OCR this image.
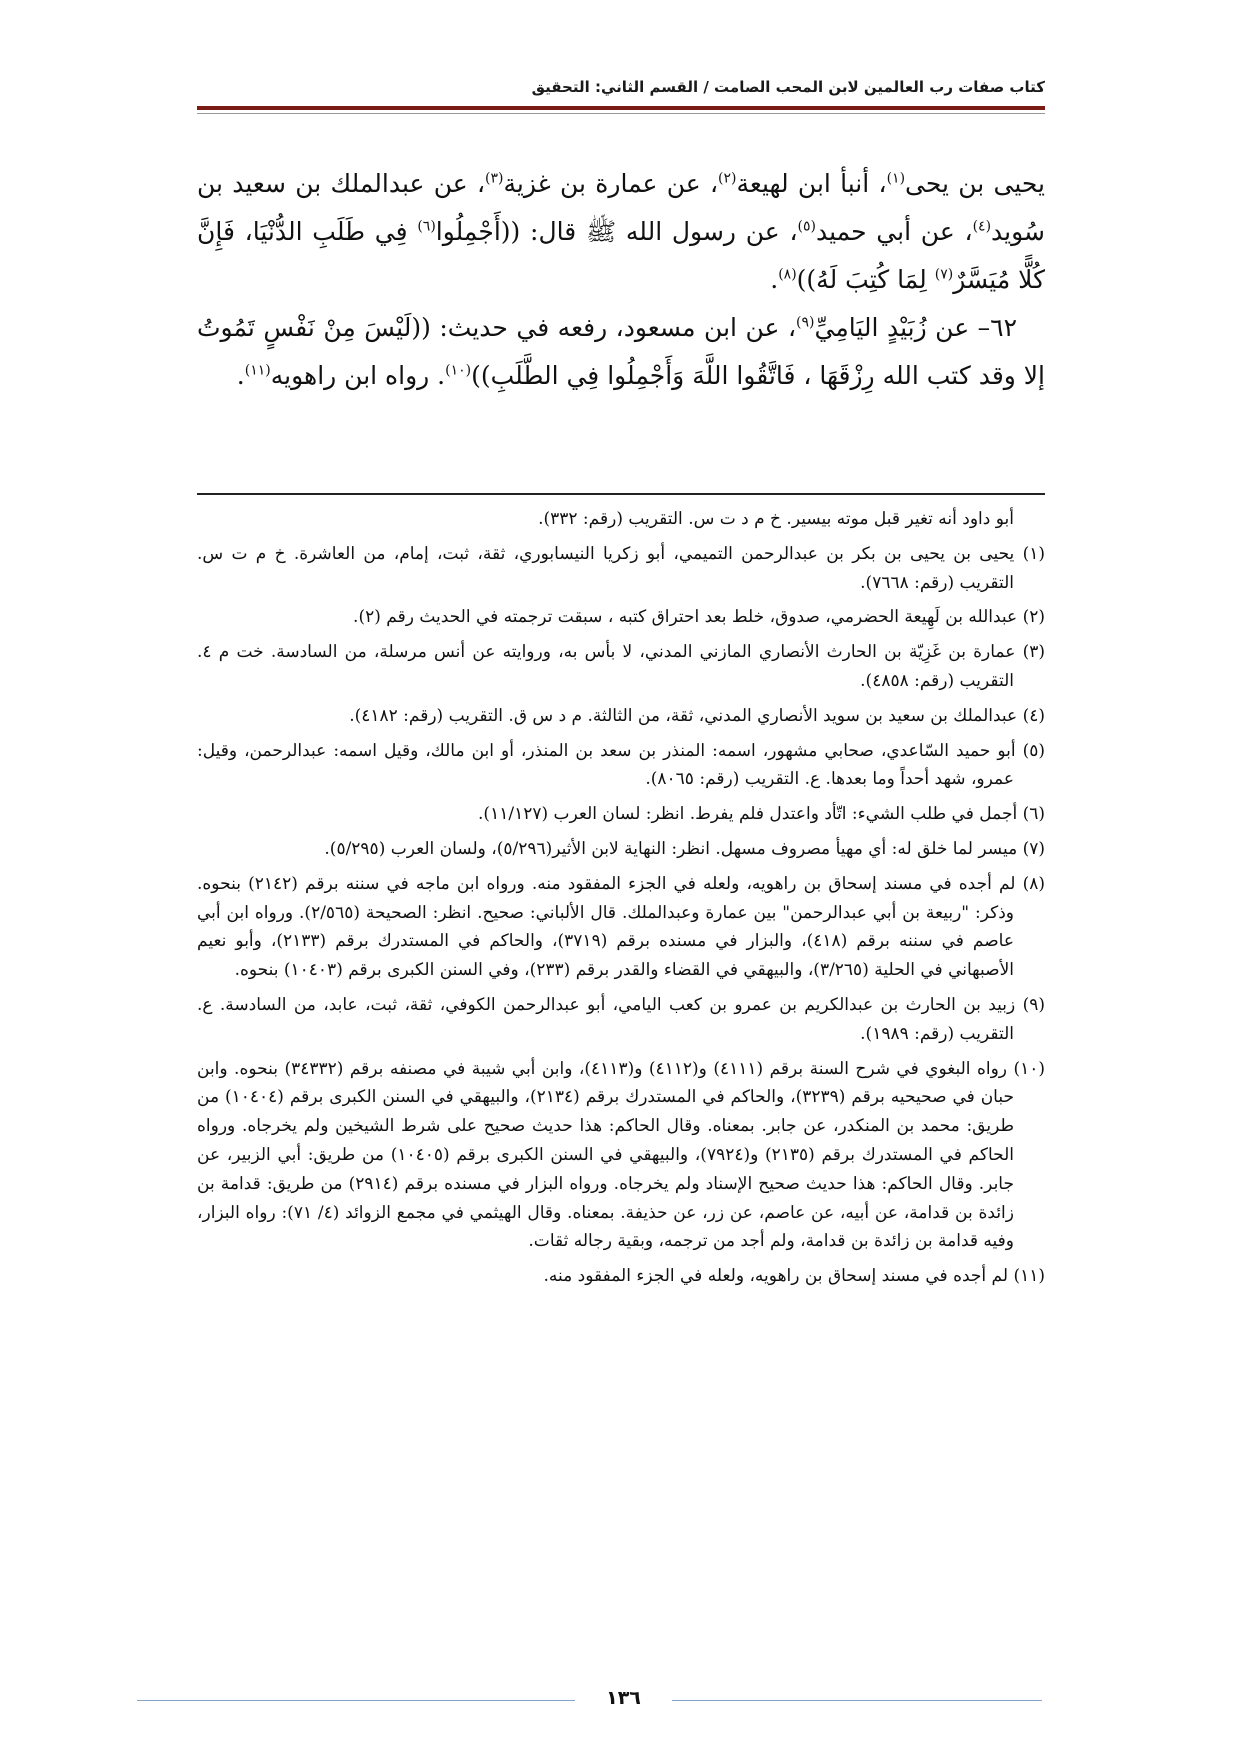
كتاب صفات رب العالمين لابن المحب الصامت / القسم الثاني: التحقيق

يحيى بن يحى$^{(١)}$، أنبأ ابن لهيعة$^{(٢)}$، عن عمارة بن غزية$^{(٣)}$، عن عبدالملك بن سعيد بن سُويد$^{(٤)}$، عن أبي حميد$^{(٥)}$، عن رسول الله ﷺ قال: ((أَجْمِلُوا$^{(٦)}$ فِي طَلَبِ الدُّنْيَا، فَإِنَّ كُلًّا مُيَسَّرٌ$^{(٧)}$ لِمَا كُتِبَ لَهُ))$^{(٨)}$.

٦٢– عن زُبَيْدٍ اليَامِيِّ$^{(٩)}$، عن ابن مسعود، رفعه في حديث: ((لَيْسَ مِنْ نَفْسٍ تَمُوتُ إلا وقد كتب الله رِزْقَهَا ، فَاتَّقُوا اللَّهَ وَأَجْمِلُوا فِي الطَّلَبِ))$^{(١٠)}$. رواه ابن راهويه$^{(١١)}$.

أبو داود أنه تغير قبل موته بيسير. خ م د ت س. التقريب (رقم: ٣٣٢).

(١) يحيى بن يحيى بن بكر بن عبدالرحمن التميمي، أبو زكريا النيسابوري، ثقة، ثبت، إمام، من العاشرة. خ م ت س. التقريب (رقم: ٧٦٦٨).

(٢) عبدالله بن لَهِيعة الحضرمي، صدوق، خلط بعد احتراق كتبه ، سبقت ترجمته في الحديث رقم (٢).

(٣) عمارة بن غَزِيّة بن الحارث الأنصاري المازني المدني، لا بأس به، وروايته عن أنس مرسلة، من السادسة. خت م ٤. التقريب (رقم: ٤٨٥٨).

(٤) عبدالملك بن سعيد بن سويد الأنصاري المدني، ثقة، من الثالثة. م د س ق. التقريب (رقم: ٤١٨٢).

(٥) أبو حميد السّاعدي، صحابي مشهور، اسمه: المنذر بن سعد بن المنذر، أو ابن مالك، وقيل اسمه: عبدالرحمن، وقيل: عمرو، شهد أحداً وما بعدها. ع. التقريب (رقم: ٨٠٦٥).

(٦) أجمل في طلب الشيء: اتّأد واعتدل فلم يفرط. انظر: لسان العرب (١١/١٢٧).

(٧) ميسر لما خلق له: أي مهيأ مصروف مسهل. انظر: النهاية لابن الأثير(٥/٢٩٦)، ولسان العرب (٥/٢٩٥).

(٨) لم أجده في مسند إسحاق بن راهويه، ولعله في الجزء المفقود منه. ورواه ابن ماجه في سننه برقم (٢١٤٢) بنحوه. وذكر: "ربيعة بن أبي عبدالرحمن" بين عمارة وعبدالملك. قال الألباني: صحيح. انظر: الصحيحة (٢/٥٦٥). ورواه ابن أبي عاصم في سننه برقم (٤١٨)، والبزار في مسنده برقم (٣٧١٩)، والحاكم في المستدرك برقم (٢١٣٣)، وأبو نعيم الأصبهاني في الحلية (٣/٢٦٥)، والبيهقي في القضاء والقدر برقم (٢٣٣)، وفي السنن الكبرى برقم (١٠٤٠٣) بنحوه.

(٩) زبيد بن الحارث بن عبدالكريم بن عمرو بن كعب اليامي، أبو عبدالرحمن الكوفي، ثقة، ثبت، عابد، من السادسة. ع. التقريب (رقم: ١٩٨٩).

(١٠) رواه البغوي في شرح السنة برقم (٤١١١) و(٤١١٢) و(٤١١٣)، وابن أبي شيبة في مصنفه برقم (٣٤٣٣٢) بنحوه. وابن حبان في صحيحيه برقم (٣٢٣٩)، والحاكم في المستدرك برقم (٢١٣٤)، والبيهقي في السنن الكبرى برقم (١٠٤٠٤) من طريق: محمد بن المنكدر، عن جابر. بمعناه. وقال الحاكم: هذا حديث صحيح على شرط الشيخين ولم يخرجاه. ورواه الحاكم في المستدرك برقم (٢١٣٥) و(٧٩٢٤)، والبيهقي في السنن الكبرى برقم (١٠٤٠٥) من طريق: أبي الزبير، عن جابر. وقال الحاكم: هذا حديث صحيح الإسناد ولم يخرجاه. ورواه البزار في مسنده برقم (٢٩١٤) من طريق: قدامة بن زائدة بن قدامة، عن أبيه، عن عاصم، عن زر، عن حذيفة. بمعناه. وقال الهيثمي في مجمع الزوائد (٤/ ٧١): رواه البزار، وفيه قدامة بن زائدة بن قدامة، ولم أجد من ترجمه، وبقية رجاله ثقات.

(١١) لم أجده في مسند إسحاق بن راهويه، ولعله في الجزء المفقود منه.

١٣٦
